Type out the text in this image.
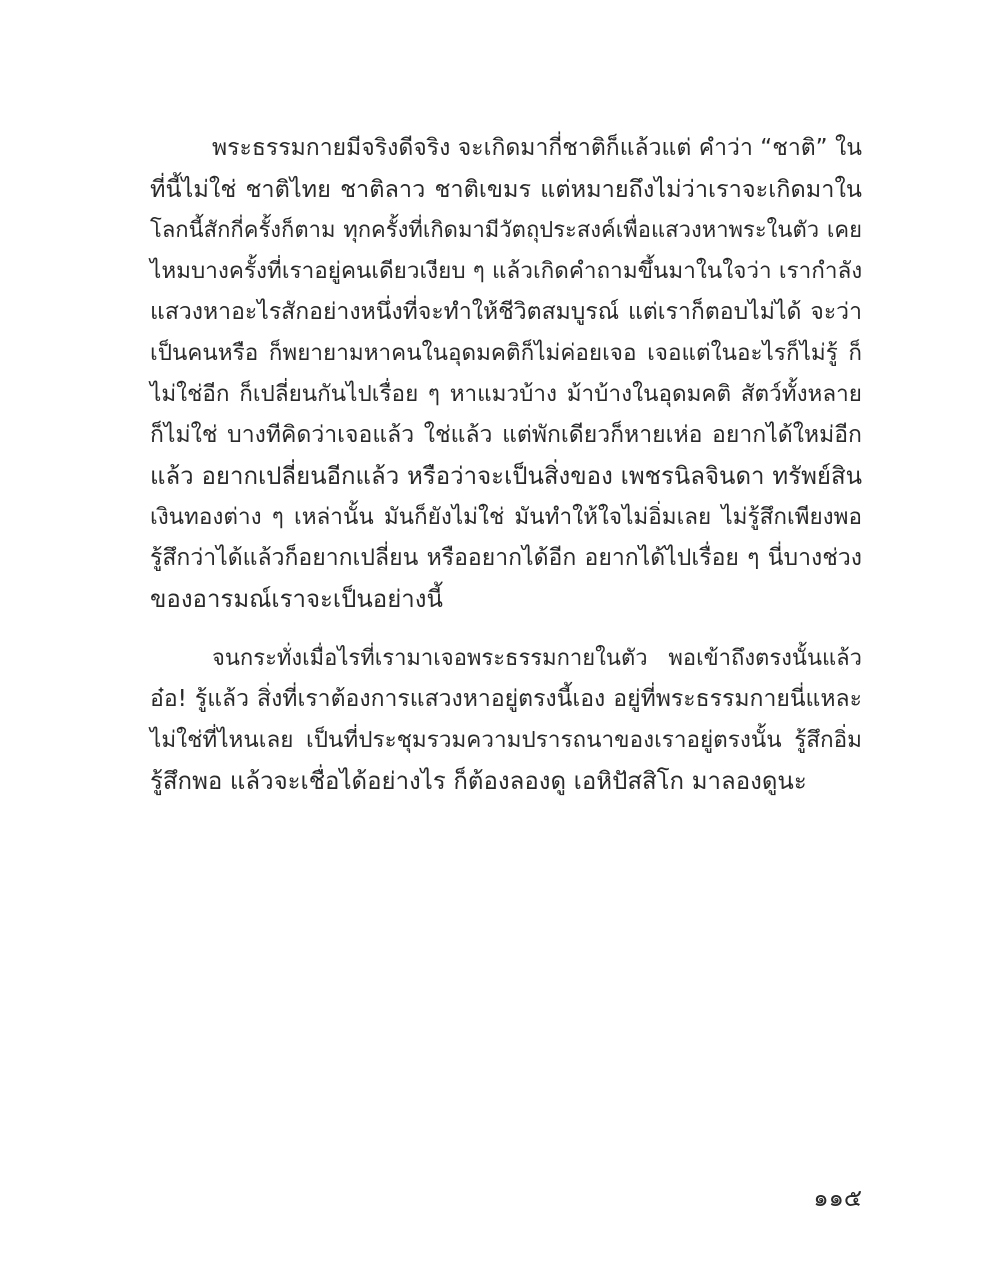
พระธรรมกายมีจริงดีจริง จะเกิดมากี่ชาติก็แล้วแต่ คำว่า “ชาติ” ใน
ที่นี้ไม่ใช่ ชาติไทย ชาติลาว ชาติเขมร แต่หมายถึงไม่ว่าเราจะเกิดมาใน
โลกนี้สักกี่ครั้งก็ตาม ทุกครั้งที่เกิดมามีวัตถุประสงค์เพื่อแสวงหาพระในตัว เคย
ไหมบางครั้งที่เราอยู่คนเดียวเงียบ ๆ แล้วเกิดคำถามขึ้นมาในใจว่า เรากำลัง
แสวงหาอะไรสักอย่างหนึ่งที่จะทำให้ชีวิตสมบูรณ์ แต่เราก็ตอบไม่ได้ จะว่า
เป็นคนหรือ ก็พยายามหาคนในอุดมคติก็ไม่ค่อยเจอ เจอแต่ในอะไรก็ไม่รู้ ก็
ไม่ใช่อีก ก็เปลี่ยนกันไปเรื่อย ๆ หาแมวบ้าง ม้าบ้างในอุดมคติ สัตว์ทั้งหลาย
ก็ไม่ใช่ บางทีคิดว่าเจอแล้ว ใช่แล้ว แต่พักเดียวก็หายเห่อ อยากได้ใหม่อีก
แล้ว อยากเปลี่ยนอีกแล้ว หรือว่าจะเป็นสิ่งของ เพชรนิลจินดา ทรัพย์สิน
เงินทองต่าง ๆ เหล่านั้น มันก็ยังไม่ใช่ มันทำให้ใจไม่อิ่มเลย ไม่รู้สึกเพียงพอ
รู้สึกว่าได้แล้วก็อยากเปลี่ยน หรืออยากได้อีก อยากได้ไปเรื่อย ๆ นี่บางช่วง
ของอารมณ์เราจะเป็นอย่างนี้
จนกระทั่งเมื่อไรที่เรามาเจอพระธรรมกายในตัว พอเข้าถึงตรงนั้นแล้ว
อ๋อ! รู้แล้ว สิ่งที่เราต้องการแสวงหาอยู่ตรงนี้เอง อยู่ที่พระธรรมกายนี่แหละ
ไม่ใช่ที่ไหนเลย เป็นที่ประชุมรวมความปรารถนาของเราอยู่ตรงนั้น รู้สึกอิ่ม
รู้สึกพอ แล้วจะเชื่อได้อย่างไร ก็ต้องลองดู เอหิปัสสิโก มาลองดูนะ
๑๑๕
